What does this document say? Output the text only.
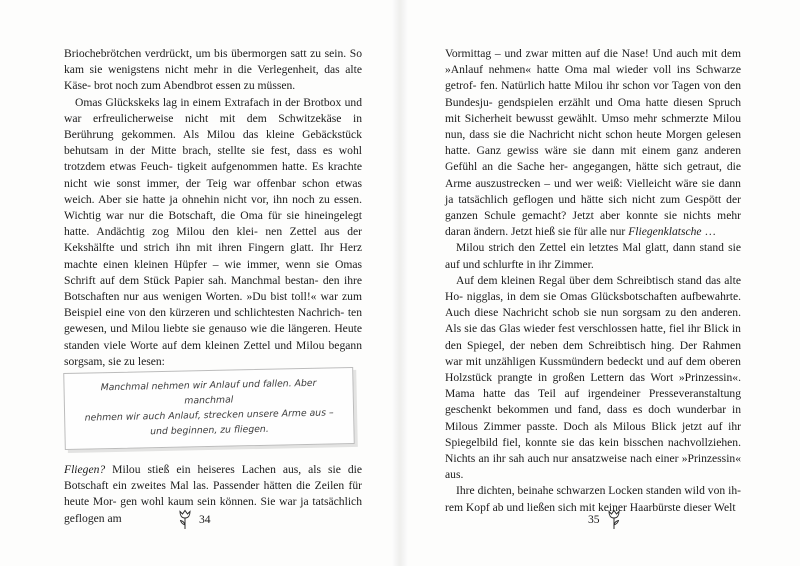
Briochebrötchen verdrückt, um bis übermorgen satt zu sein. So kam sie wenigstens nicht mehr in die Verlegenheit, das alte Käse- brot noch zum Abendbrot essen zu müssen.

Omas Glückskeks lag in einem Extrafach in der Brotbox und war erfreulicherweise nicht mit dem Schwitzekäse in Berührung gekommen. Als Milou das kleine Gebäckstück behutsam in der Mitte brach, stellte sie fest, dass es wohl trotzdem etwas Feuch- tigkeit aufgenommen hatte. Es krachte nicht wie sonst immer, der Teig war offenbar schon etwas weich. Aber sie hatte ja ohnehin nicht vor, ihn noch zu essen. Wichtig war nur die Botschaft, die Oma für sie hineingelegt hatte. Andächtig zog Milou den klei- nen Zettel aus der Kekshälfte und strich ihn mit ihren Fingern glatt. Ihr Herz machte einen kleinen Hüpfer – wie immer, wenn sie Omas Schrift auf dem Stück Papier sah. Manchmal bestan- den ihre Botschaften nur aus wenigen Worten. »Du bist toll!« war zum Beispiel eine von den kürzeren und schlichtesten Nachrich- ten gewesen, und Milou liebte sie genauso wie die längeren. Heute standen viele Worte auf dem kleinen Zettel und Milou begann sorgsam, sie zu lesen:

Manchmal nehmen wir Anlauf und fallen. Aber manchmal
nehmen wir auch Anlauf, strecken unsere Arme aus –
und beginnen, zu fliegen.

Fliegen? Milou stieß ein heiseres Lachen aus, als sie die Botschaft ein zweites Mal las. Passender hätten die Zeilen für heute Mor- gen wohl kaum sein können. Sie war ja tatsächlich geflogen am	34

Vormittag – und zwar mitten auf die Nase! Und auch mit dem »Anlauf nehmen« hatte Oma mal wieder voll ins Schwarze getrof- fen. Natürlich hatte Milou ihr schon vor Tagen von den Bundesju- gendspielen erzählt und Oma hatte diesen Spruch mit Sicherheit bewusst gewählt. Umso mehr schmerzte Milou nun, dass sie die Nachricht nicht schon heute Morgen gelesen hatte. Ganz gewiss wäre sie dann mit einem ganz anderen Gefühl an die Sache her- angegangen, hätte sich getraut, die Arme auszustrecken – und wer weiß: Vielleicht wäre sie dann ja tatsächlich geflogen und hätte sich nicht zum Gespött der ganzen Schule gemacht? Jetzt aber konnte sie nichts mehr daran ändern. Jetzt hieß sie für alle nur Fliegenklatsche …

Milou strich den Zettel ein letztes Mal glatt, dann stand sie auf und schlurfte in ihr Zimmer.

Auf dem kleinen Regal über dem Schreibtisch stand das alte Ho- nigglas, in dem sie Omas Glücksbotschaften aufbewahrte. Auch diese Nachricht schob sie nun sorgsam zu den anderen. Als sie das Glas wieder fest verschlossen hatte, fiel ihr Blick in den Spiegel, der neben dem Schreibtisch hing. Der Rahmen war mit unzähligen Kussmündern bedeckt und auf dem oberen Holzstück prangte in großen Lettern das Wort »Prinzessin«. Mama hatte das Teil auf irgendeiner Presseveranstaltung geschenkt bekommen und fand, dass es doch wunderbar in Milous Zimmer passte. Doch als Milous Blick jetzt auf ihr Spiegelbild fiel, konnte sie das kein bisschen nachvollziehen. Nichts an ihr sah auch nur ansatzweise nach einer »Prinzessin« aus.

Ihre dichten, beinahe schwarzen Locken standen wild von ih- rem Kopf ab und ließen sich mit keiner Haarbürste dieser Welt

35
